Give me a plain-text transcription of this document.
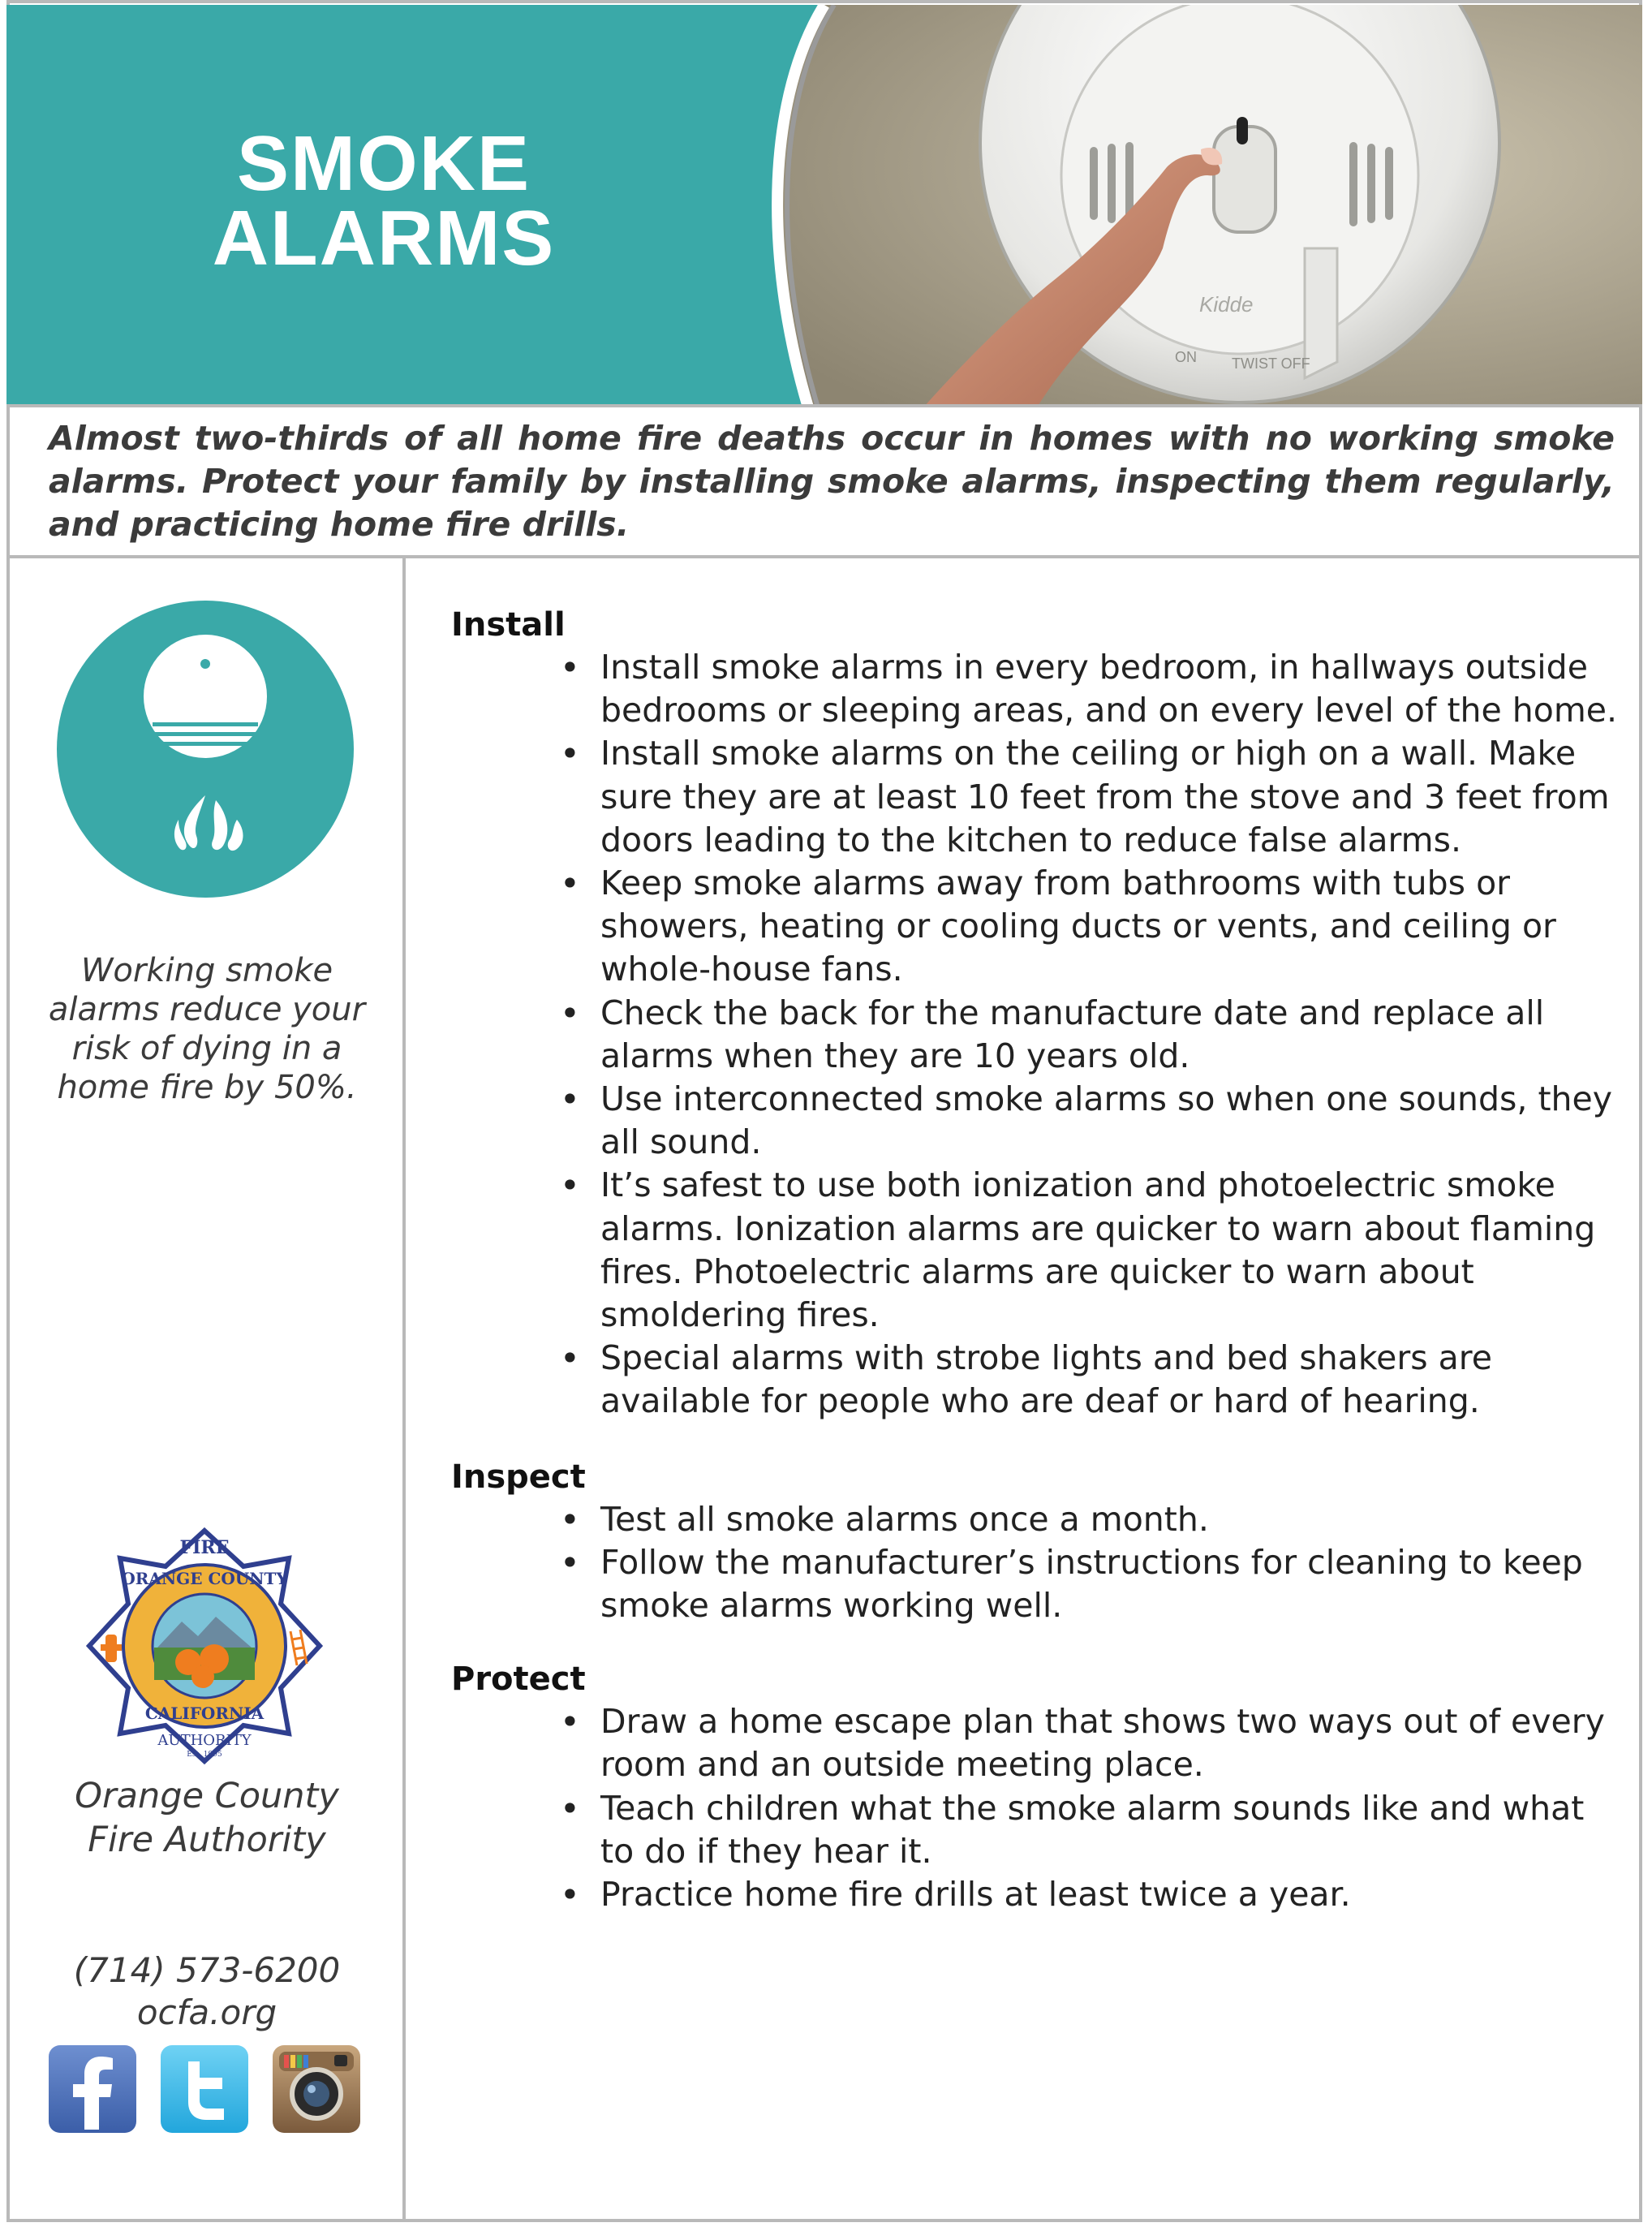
Kidde
ON TWIST OFF
SMOKE
ALARMS

Almost two-thirds of all home fire deaths occur in homes with no working smoke alarms. Protect your family by installing smoke alarms, inspecting them regularly, and practicing home fire drills.

Working smoke alarms reduce your risk of dying in a home fire by 50%.

FIRE
ORANGE COUNTY
CALIFORNIA
AUTHORITY
Est. 1995

Orange County
Fire Authority

(714) 573-6200
ocfa.org
Install
• Install smoke alarms in every bedroom, in hallways outside bedrooms or sleeping areas, and on every level of the home.
• Install smoke alarms on the ceiling or high on a wall. Make sure they are at least 10 feet from the stove and 3 feet from doors leading to the kitchen to reduce false alarms.
• Keep smoke alarms away from bathrooms with tubs or showers, heating or cooling ducts or vents, and ceiling or whole-house fans.
• Check the back for the manufacture date and replace all alarms when they are 10 years old.
• Use interconnected smoke alarms so when one sounds, they all sound.
• It’s safest to use both ionization and photoelectric smoke alarms. Ionization alarms are quicker to warn about flaming fires. Photoelectric alarms are quicker to warn about smoldering fires.
• Special alarms with strobe lights and bed shakers are available for people who are deaf or hard of hearing.
Inspect
• Test all smoke alarms once a month.
• Follow the manufacturer’s instructions for cleaning to keep smoke alarms working well.
Protect
• Draw a home escape plan that shows two ways out of every room and an outside meeting place.
• Teach children what the smoke alarm sounds like and what to do if they hear it.
• Practice home fire drills at least twice a year.
